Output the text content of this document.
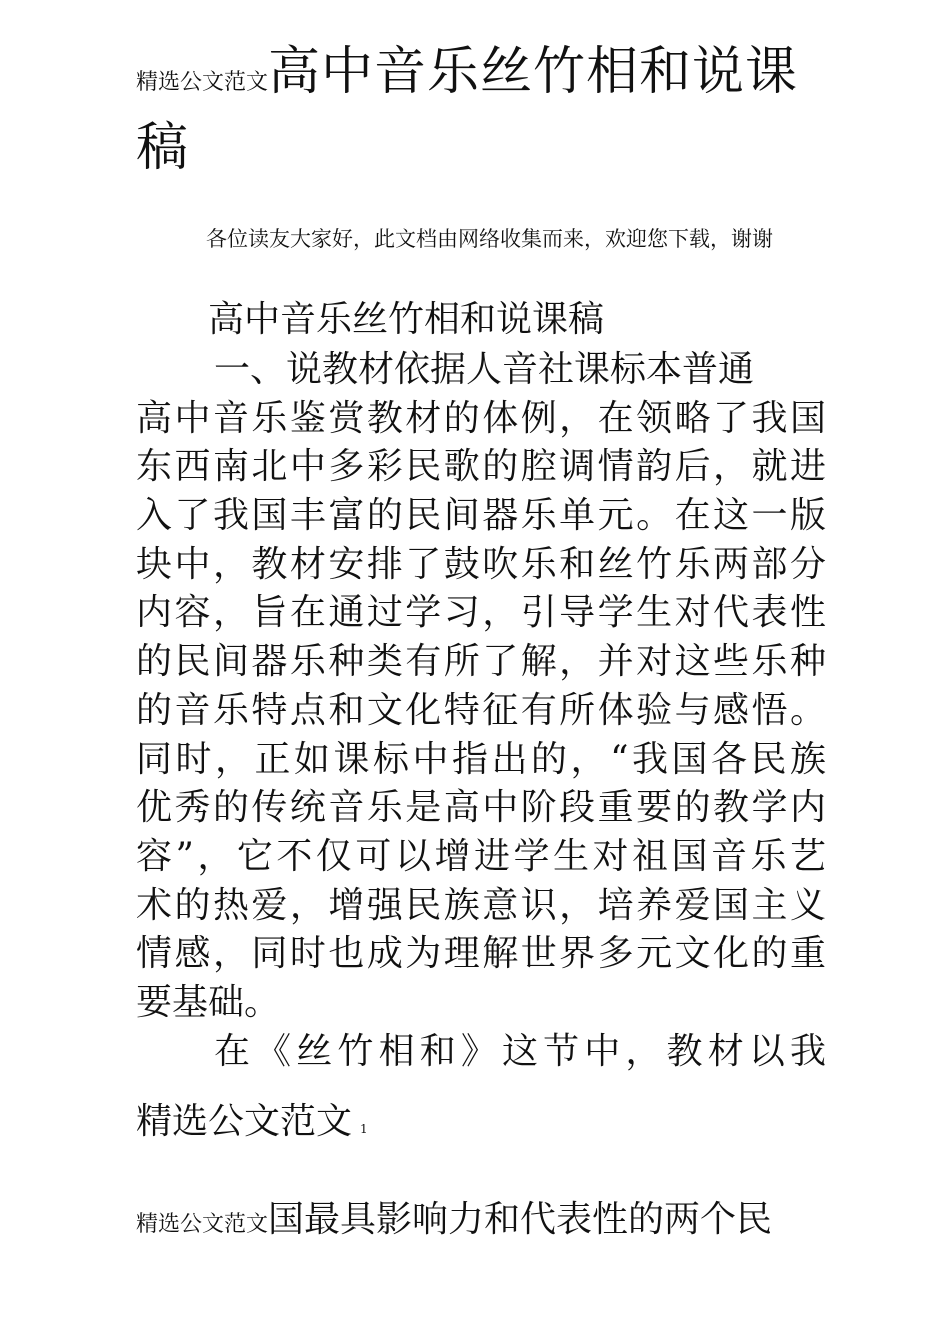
精选公文范文高中音乐丝竹相和说课稿
各位读友大家好，此文档由网络收集而来，欢迎您下载，谢谢
高中音乐丝竹相和说课稿
一、说教材依据人音社课标本普通
高中音乐鉴赏教材的体例，在领略了我国
东西南北中多彩民歌的腔调情韵后，就进
入了我国丰富的民间器乐单元。在这一版
块中，教材安排了鼓吹乐和丝竹乐两部分
内容，旨在通过学习，引导学生对代表性
的民间器乐种类有所了解，并对这些乐种
的音乐特点和文化特征有所体验与感悟。
同时，正如课标中指出的，“我国各民族
优秀的传统音乐是高中阶段重要的教学内
容”，它不仅可以增进学生对祖国音乐艺
术的热爱，增强民族意识，培养爱国主义
情感，同时也成为理解世界多元文化的重
要基础。
在《丝竹相和》这节中，教材以我
精选公文范文 1
精选公文范文国最具影响力和代表性的两个民
